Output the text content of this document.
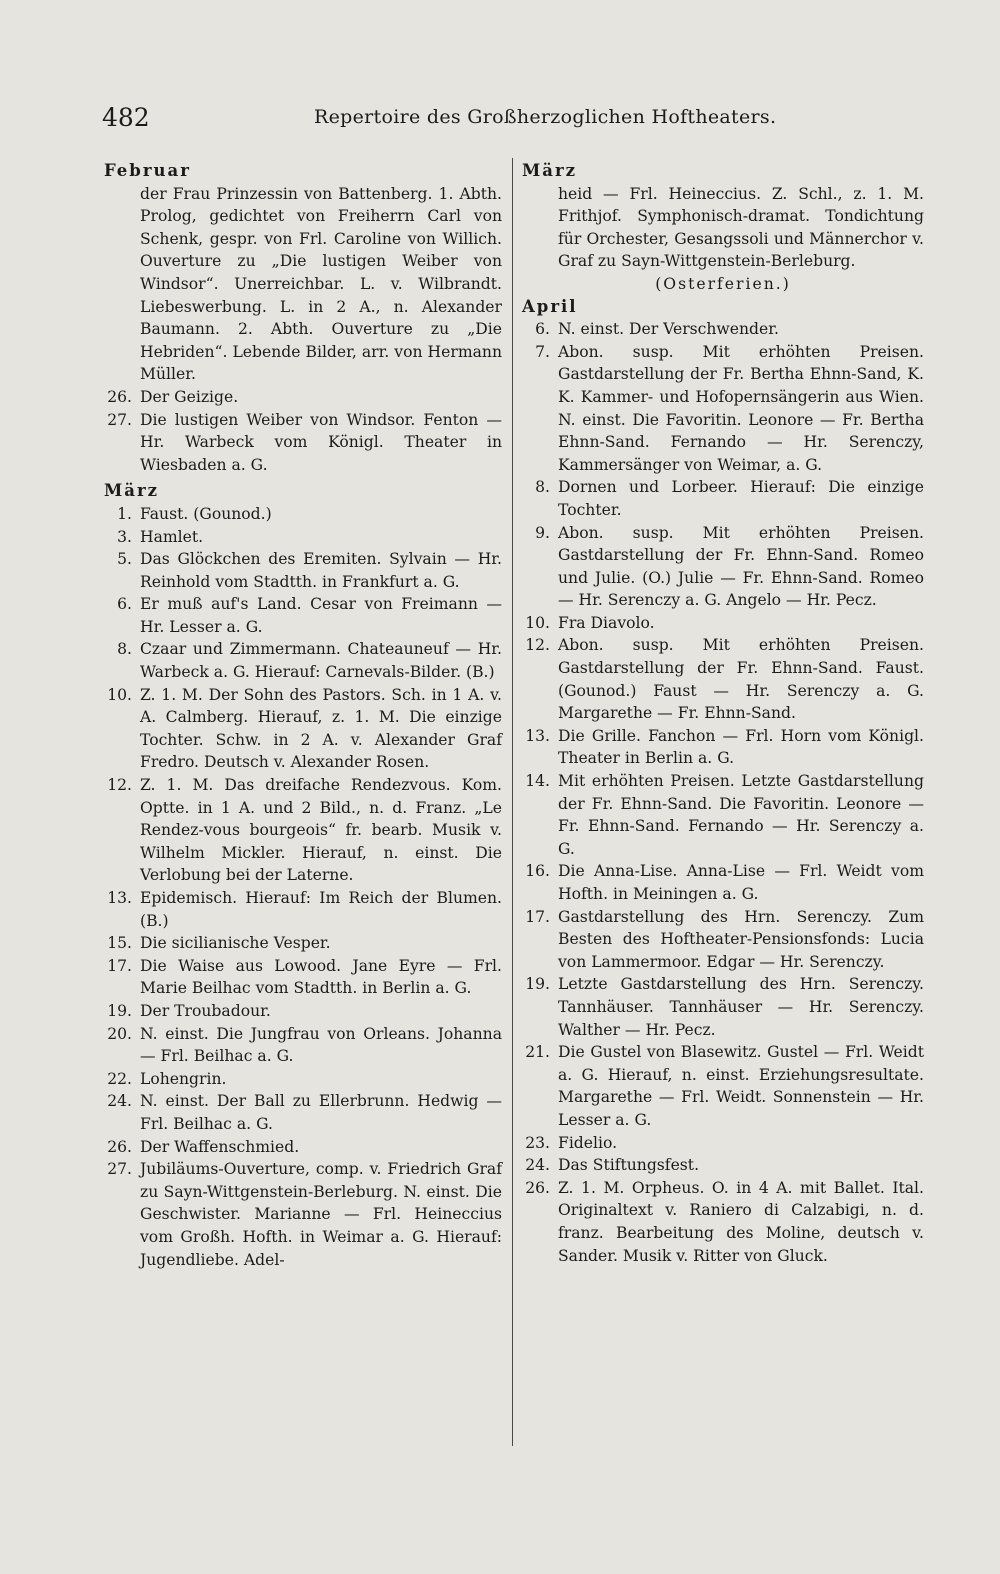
482	Repertoire des Großherzoglichen Hoftheaters.
Februar
der Frau Prinzessin von Battenberg. 1. Abth. Prolog, gedichtet von Freiherrn Carl von Schenk, gespr. von Frl. Caroline von Willich. Ouverture zu „Die lustigen Weiber von Windsor“. Unerreichbar. L. v. Wilbrandt. Liebeswerbung. L. in 2 A., n. Alexander Baumann. 2. Abth. Ouverture zu „Die Hebriden“. Lebende Bilder, arr. von Hermann Müller.
26. Der Geizige.
27. Die lustigen Weiber von Windsor. Fenton — Hr. Warbeck vom Königl. Theater in Wiesbaden a. G.
März
1. Faust. (Gounod.)
3. Hamlet.
5. Das Glöckchen des Eremiten. Sylvain — Hr. Reinhold vom Stadtth. in Frankfurt a. G.
6. Er muß auf's Land. Cesar von Freimann — Hr. Lesser a. G.
8. Czaar und Zimmermann. Chateauneuf — Hr. Warbeck a. G. Hierauf: Carnevals-Bilder. (B.)
10. Z. 1. M. Der Sohn des Pastors. Sch. in 1 A. v. A. Calmberg. Hierauf, z. 1. M. Die einzige Tochter. Schw. in 2 A. v. Alexander Graf Fredro. Deutsch v. Alexander Rosen.
12. Z. 1. M. Das dreifache Rendezvous. Kom. Optte. in 1 A. und 2 Bild., n. d. Franz. „Le Rendez-vous bourgeois“ fr. bearb. Musik v. Wilhelm Mickler. Hierauf, n. einst. Die Verlobung bei der Laterne.
13. Epidemisch. Hierauf: Im Reich der Blumen. (B.)
15. Die sicilianische Vesper.
17. Die Waise aus Lowood. Jane Eyre — Frl. Marie Beilhac vom Stadtth. in Berlin a. G.
19. Der Troubadour.
20. N. einst. Die Jungfrau von Orleans. Johanna — Frl. Beilhac a. G.
22. Lohengrin.
24. N. einst. Der Ball zu Ellerbrunn. Hedwig — Frl. Beilhac a. G.
26. Der Waffenschmied.
27. Jubiläums-Ouverture, comp. v. Friedrich Graf zu Sayn-Wittgenstein-Berleburg. N. einst. Die Geschwister. Marianne — Frl. Heineccius vom Großh. Hofth. in Weimar a. G. Hierauf: Jugendliebe. Adel-
März
heid — Frl. Heineccius. Z. Schl., z. 1. M. Frithjof. Symphonisch-dramat. Tondichtung für Orchester, Gesangssoli und Männerchor v. Graf zu Sayn-Wittgenstein-Berleburg.
(Osterferien.)
April
6. N. einst. Der Verschwender.
7. Abon. susp. Mit erhöhten Preisen. Gastdarstellung der Fr. Bertha Ehnn-Sand, K. K. Kammer- und Hofopernsängerin aus Wien. N. einst. Die Favoritin. Leonore — Fr. Bertha Ehnn-Sand. Fernando — Hr. Serenczy, Kammersänger von Weimar, a. G.
8. Dornen und Lorbeer. Hierauf: Die einzige Tochter.
9. Abon. susp. Mit erhöhten Preisen. Gastdarstellung der Fr. Ehnn-Sand. Romeo und Julie. (O.) Julie — Fr. Ehnn-Sand. Romeo — Hr. Serenczy a. G. Angelo — Hr. Pecz.
10. Fra Diavolo.
12. Abon. susp. Mit erhöhten Preisen. Gastdarstellung der Fr. Ehnn-Sand. Faust. (Gounod.) Faust — Hr. Serenczy a. G. Margarethe — Fr. Ehnn-Sand.
13. Die Grille. Fanchon — Frl. Horn vom Königl. Theater in Berlin a. G.
14. Mit erhöhten Preisen. Letzte Gastdarstellung der Fr. Ehnn-Sand. Die Favoritin. Leonore — Fr. Ehnn-Sand. Fernando — Hr. Serenczy a. G.
16. Die Anna-Lise. Anna-Lise — Frl. Weidt vom Hofth. in Meiningen a. G.
17. Gastdarstellung des Hrn. Serenczy. Zum Besten des Hoftheater-Pensionsfonds: Lucia von Lammermoor. Edgar — Hr. Serenczy.
19. Letzte Gastdarstellung des Hrn. Serenczy. Tannhäuser. Tannhäuser — Hr. Serenczy. Walther — Hr. Pecz.
21. Die Gustel von Blasewitz. Gustel — Frl. Weidt a. G. Hierauf, n. einst. Erziehungsresultate. Margarethe — Frl. Weidt. Sonnenstein — Hr. Lesser a. G.
23. Fidelio.
24. Das Stiftungsfest.
26. Z. 1. M. Orpheus. O. in 4 A. mit Ballet. Ital. Originaltext v. Raniero di Calzabigi, n. d. franz. Bearbeitung des Moline, deutsch v. Sander. Musik v. Ritter von Gluck.
